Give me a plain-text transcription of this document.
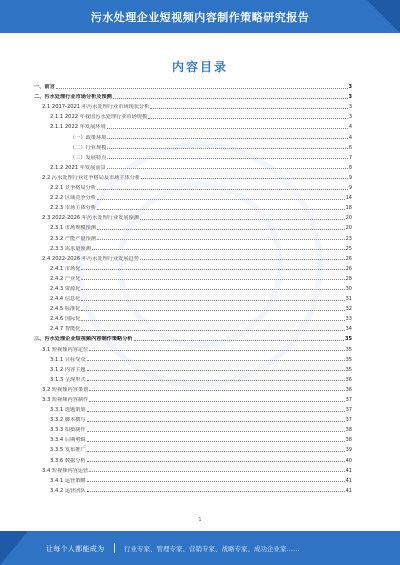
污水处理企业短视频内容制作策略研究报告
内容目录
一、前言	3
二、污水处理行业市场分析及预测	3
2.1 2017-2021 年污水处理行业市场现状分析	3
2.1.1 2022 年我国污水处理行业市场规模	3
2.1.1 2022 年发展环境	4
（一）政策环境	4
（二）行业规模	6
（三）发展特点	7
2.1.2 2021 年发展前景	8
2.2 污水处理行业竞争格局及市场主体分析	9
2.2.1 竞争格局分析	9
2.2.2 区域竞争分析	14
2.2.3 市场主体分析	18
2.3 2022-2026 年污水处理行业发展预测	20
2.3.1 市场规模预测	20
2.3.2 产能产量预测	23
2.3.3 需求量预测	25
2.4 2022-2026 年污水处理行业发展趋势	26
2.4.1 市场化	26
2.4.2 产业化	28
2.4.3 资源化	30
2.4.4 信息化	31
2.4.5 标准化	32
2.4.6 国际化	33
2.4.7 智能化	34
三、污水处理企业短视频内容制作策略分析	35
3.1 短视频内容定位	35
3.1.1 目标受众	35
3.1.2 内容主题	35
3.1.3 呈现形式	36
3.2 短视频内容策划	36
3.3 短视频内容制作	37
3.3.1 选题策划	37
3.3.2 脚本撰写	37
3.3.3 拍摄制作	38
3.3.4 后期剪辑	38
3.3.5 发布推广	39
3.3.6 数据分析	40
3.4 短视频内容运营	41
3.4.1 运营策略	41
3.4.2 运营团队	41
1
让每个人都能成为	行业专家、管理专家、营销专家、战略专家、成功企业家……
